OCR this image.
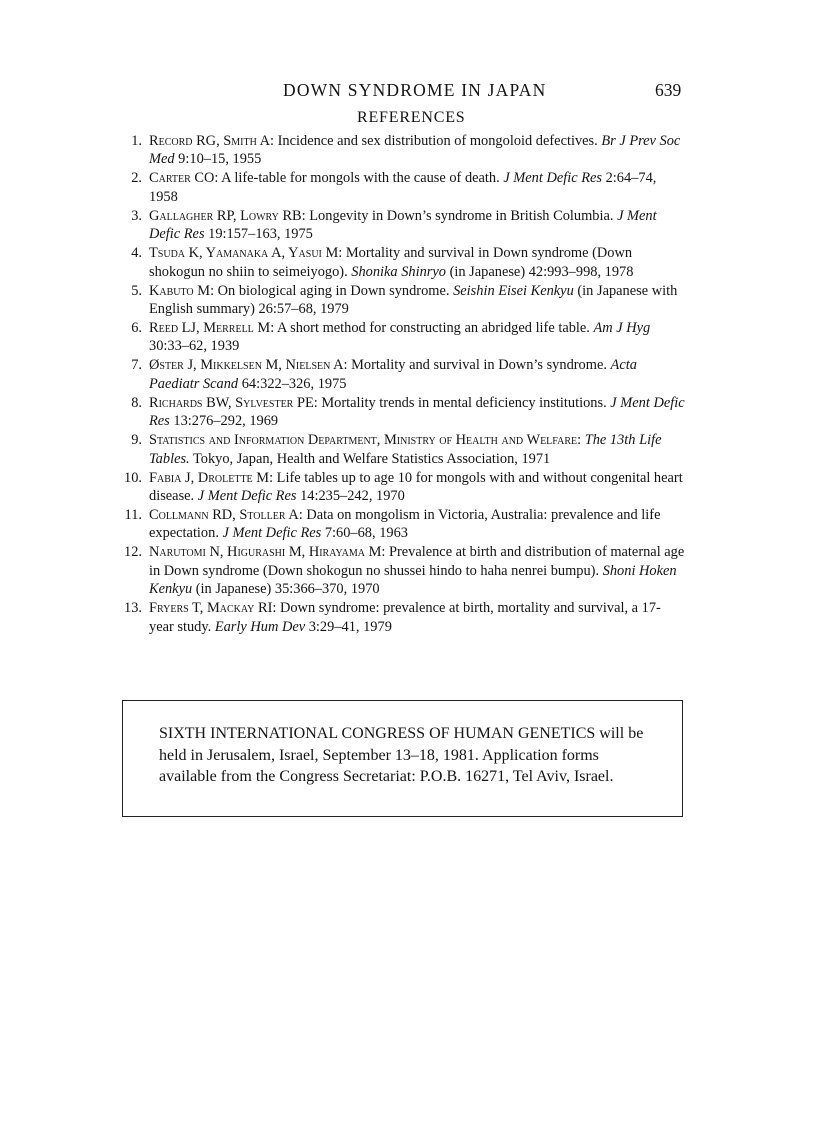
DOWN SYNDROME IN JAPAN	639
REFERENCES
1. Record RG, Smith A: Incidence and sex distribution of mongoloid defectives. Br J Prev Soc Med 9:10–15, 1955
2. Carter CO: A life-table for mongols with the cause of death. J Ment Defic Res 2:64–74, 1958
3. Gallagher RP, Lowry RB: Longevity in Down’s syndrome in British Columbia. J Ment Defic Res 19:157–163, 1975
4. Tsuda K, Yamanaka A, Yasui M: Mortality and survival in Down syndrome (Down shokogun no shiin to seimeiyogo). Shonika Shinryo (in Japanese) 42:993–998, 1978
5. Kabuto M: On biological aging in Down syndrome. Seishin Eisei Kenkyu (in Japanese with English summary) 26:57–68, 1979
6. Reed LJ, Merrell M: A short method for constructing an abridged life table. Am J Hyg 30:33–62, 1939
7. Øster J, Mikkelsen M, Nielsen A: Mortality and survival in Down’s syndrome. Acta Paediatr Scand 64:322–326, 1975
8. Richards BW, Sylvester PE: Mortality trends in mental deficiency institutions. J Ment Defic Res 13:276–292, 1969
9. Statistics and Information Department, Ministry of Health and Welfare: The 13th Life Tables. Tokyo, Japan, Health and Welfare Statistics Association, 1971
10. Fabia J, Drolette M: Life tables up to age 10 for mongols with and without congenital heart disease. J Ment Defic Res 14:235–242, 1970
11. Collmann RD, Stoller A: Data on mongolism in Victoria, Australia: prevalence and life expectation. J Ment Defic Res 7:60–68, 1963
12. Narutomi N, Higurashi M, Hirayama M: Prevalence at birth and distribution of maternal age in Down syndrome (Down shokogun no shussei hindo to haha nenrei bumpu). Shoni Hoken Kenkyu (in Japanese) 35:366–370, 1970
13. Fryers T, Mackay RI: Down syndrome: prevalence at birth, mortality and survival, a 17-year study. Early Hum Dev 3:29–41, 1979

SIXTH INTERNATIONAL CONGRESS OF HUMAN GENETICS will be held in Jerusalem, Israel, September 13–18, 1981. Application forms available from the Congress Secretariat: P.O.B. 16271, Tel Aviv, Israel.
